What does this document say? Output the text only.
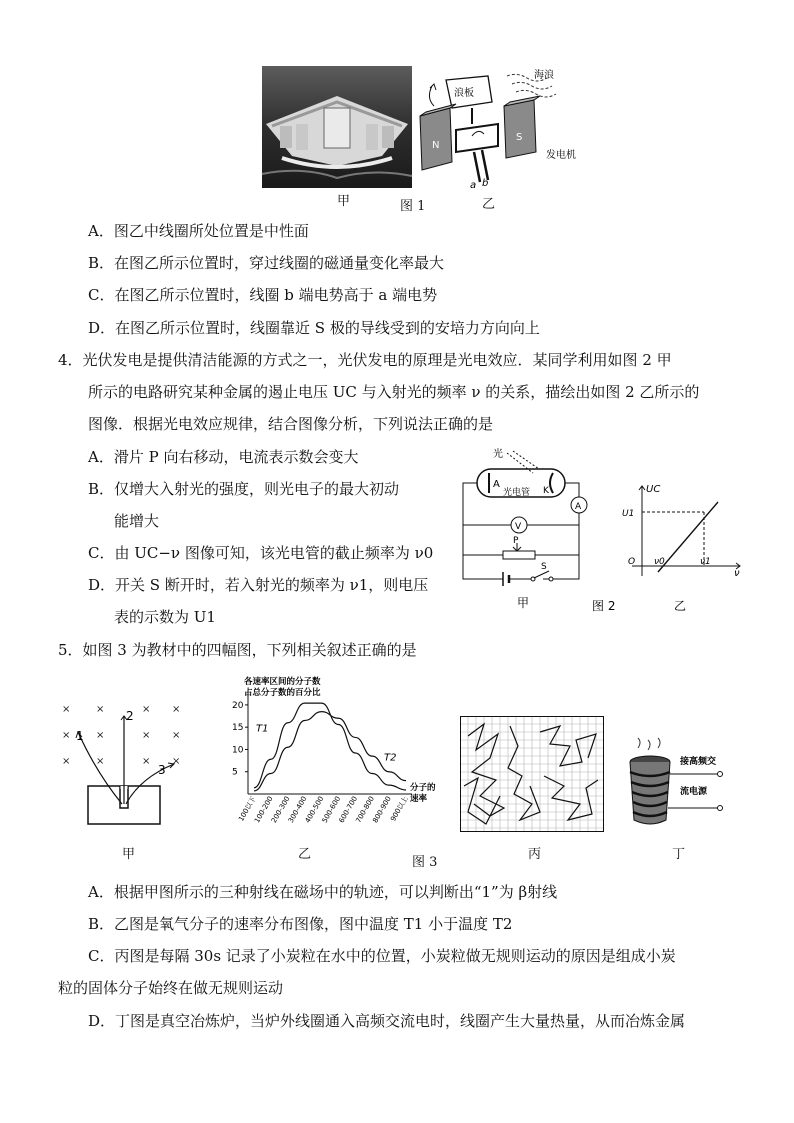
甲
海浪
浪板
N
S
发电机
a b
图 1	乙
A．图乙中线圈所处位置是中性面
B．在图乙所示位置时，穿过线圈的磁通量变化率最大
C．在图乙所示位置时，线圈 b 端电势高于 a 端电势
D．在图乙所示位置时，线圈靠近 S 极的导线受到的安培力方向向上
4．光伏发电是提供清洁能源的方式之一，光伏发电的原理是光电效应．某同学利用如图 2 甲
所示的电路研究某种金属的遏止电压 UC 与入射光的频率 ν 的关系，描绘出如图 2 乙所示的
图像．根据光电效应规律，结合图像分析，下列说法正确的是
A．滑片 P 向右移动，电流表示数会变大
B．仅增大入射光的强度，则光电子的最大初动
能增大
C．由 UC−ν 图像可知，该光电管的截止频率为 ν0
D．开关 S 断开时，若入射光的频率为 ν1，则电压
表的示数为 U1
光
A
K
光电管
A
V
P
S
甲
UC
U1
O ν0	ν1
ν
图 2	乙
5．如图 3 为教材中的四幅图，下列相关叙述正确的是
×
×
×
×
×
×
×
×
×
×
×
×
1
2
3
甲
各速率区间的分子数
占总分子数的百分比
5
10
15
20
T1
T2
100以下
100-200
200-300
300-400
400-500
500-600
600-700
700-800
800-900
900以上
分子的
速率
乙
图 3
丙
接高频交
流电源
丁
A．根据甲图所示的三种射线在磁场中的轨迹，可以判断出“1”为 β射线
B．乙图是氧气分子的速率分布图像，图中温度 T1 小于温度 T2
C．丙图是每隔 30s 记录了小炭粒在水中的位置，小炭粒做无规则运动的原因是组成小炭
粒的固体分子始终在做无规则运动
D．丁图是真空冶炼炉，当炉外线圈通入高频交流电时，线圈产生大量热量，从而冶炼金属
